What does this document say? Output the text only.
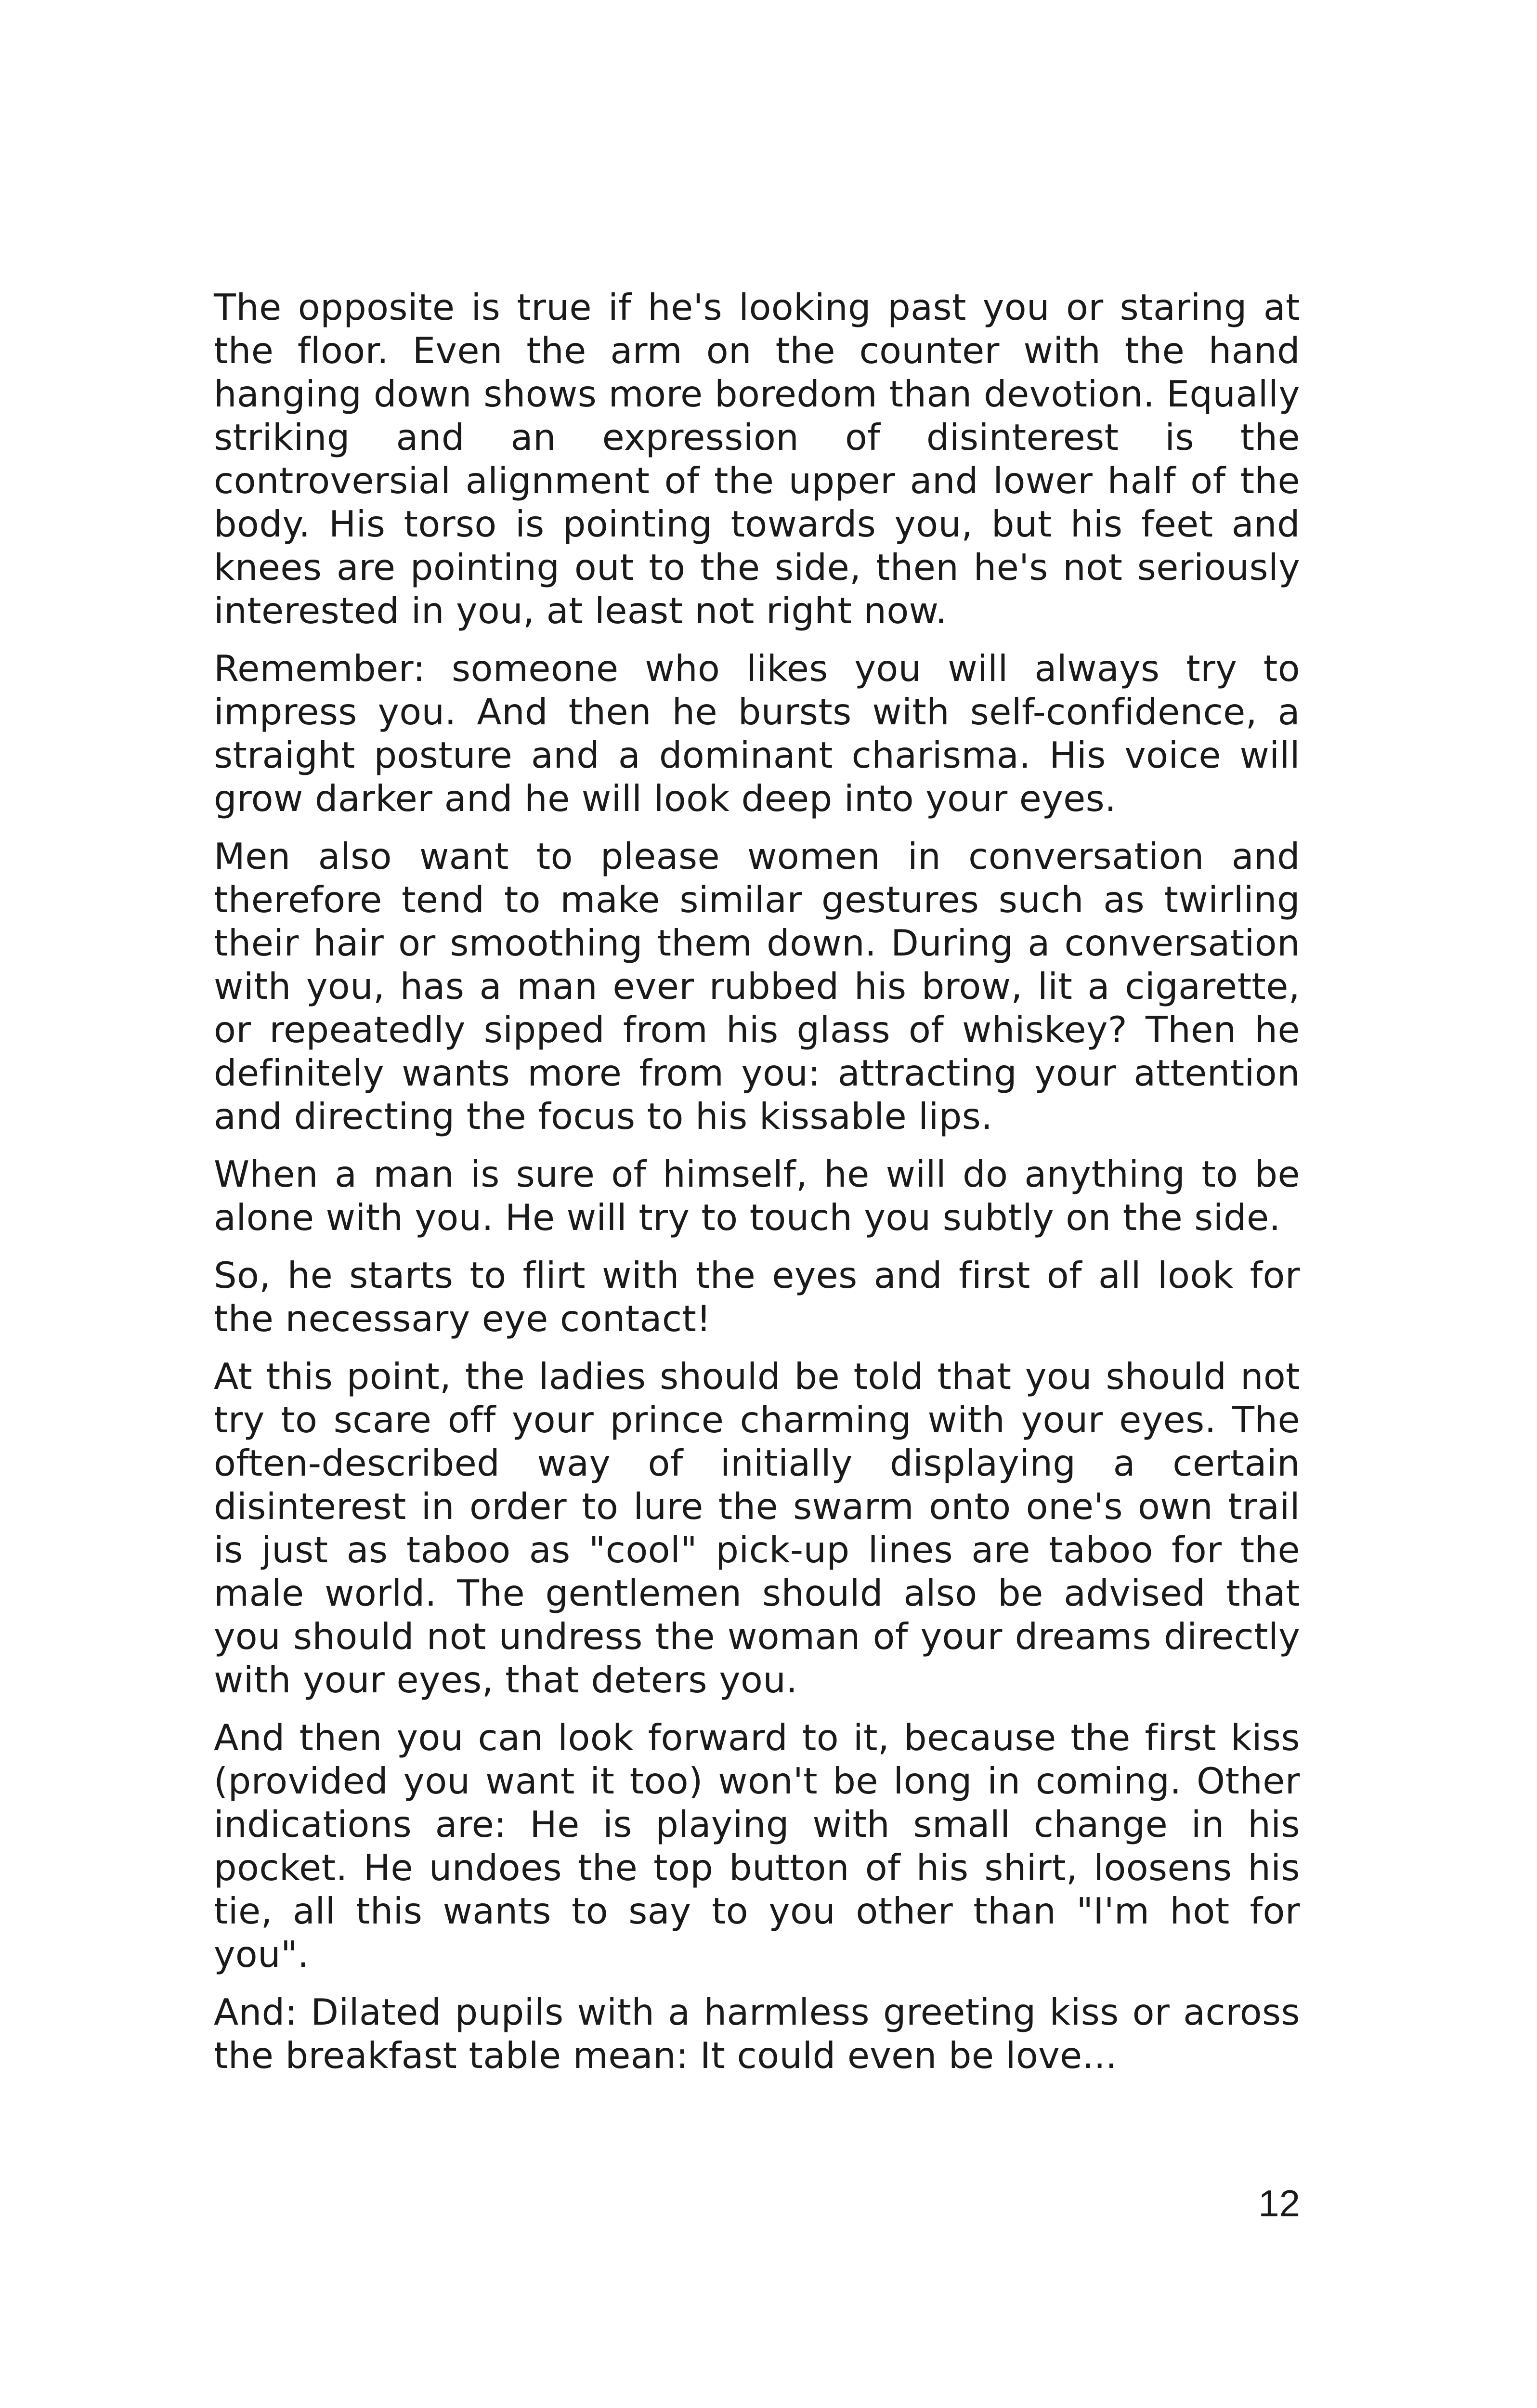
The opposite is true if he's looking past you or staring at the floor. Even the arm on the counter with the hand hanging down shows more boredom than devotion. Equally striking and an expression of disinterest is the controversial alignment of the upper and lower half of the body. His torso is pointing towards you, but his feet and knees are pointing out to the side, then he's not seriously interested in you, at least not right now.

Remember: someone who likes you will always try to impress you. And then he bursts with self-confidence, a straight posture and a dominant charisma. His voice will grow darker and he will look deep into your eyes.

Men also want to please women in conversation and therefore tend to make similar gestures such as twirling their hair or smoothing them down. During a conversation with you, has a man ever rubbed his brow, lit a cigarette, or repeatedly sipped from his glass of whiskey? Then he definitely wants more from you: attracting your attention and directing the focus to his kissable lips.

When a man is sure of himself, he will do anything to be alone with you. He will try to touch you subtly on the side.

So, he starts to flirt with the eyes and first of all look for the necessary eye contact!

At this point, the ladies should be told that you should not try to scare off your prince charming with your eyes. The often-described way of initially displaying a certain disinterest in order to lure the swarm onto one's own trail is just as taboo as "cool" pick-up lines are taboo for the male world. The gentlemen should also be advised that you should not undress the woman of your dreams directly with your eyes, that deters you.

And then you can look forward to it, because the first kiss (provided you want it too) won't be long in coming. Other indications are: He is playing with small change in his pocket. He undoes the top button of his shirt, loosens his tie, all this wants to say to you other than "I'm hot for you".

And: Dilated pupils with a harmless greeting kiss or across the breakfast table mean: It could even be love...

12
